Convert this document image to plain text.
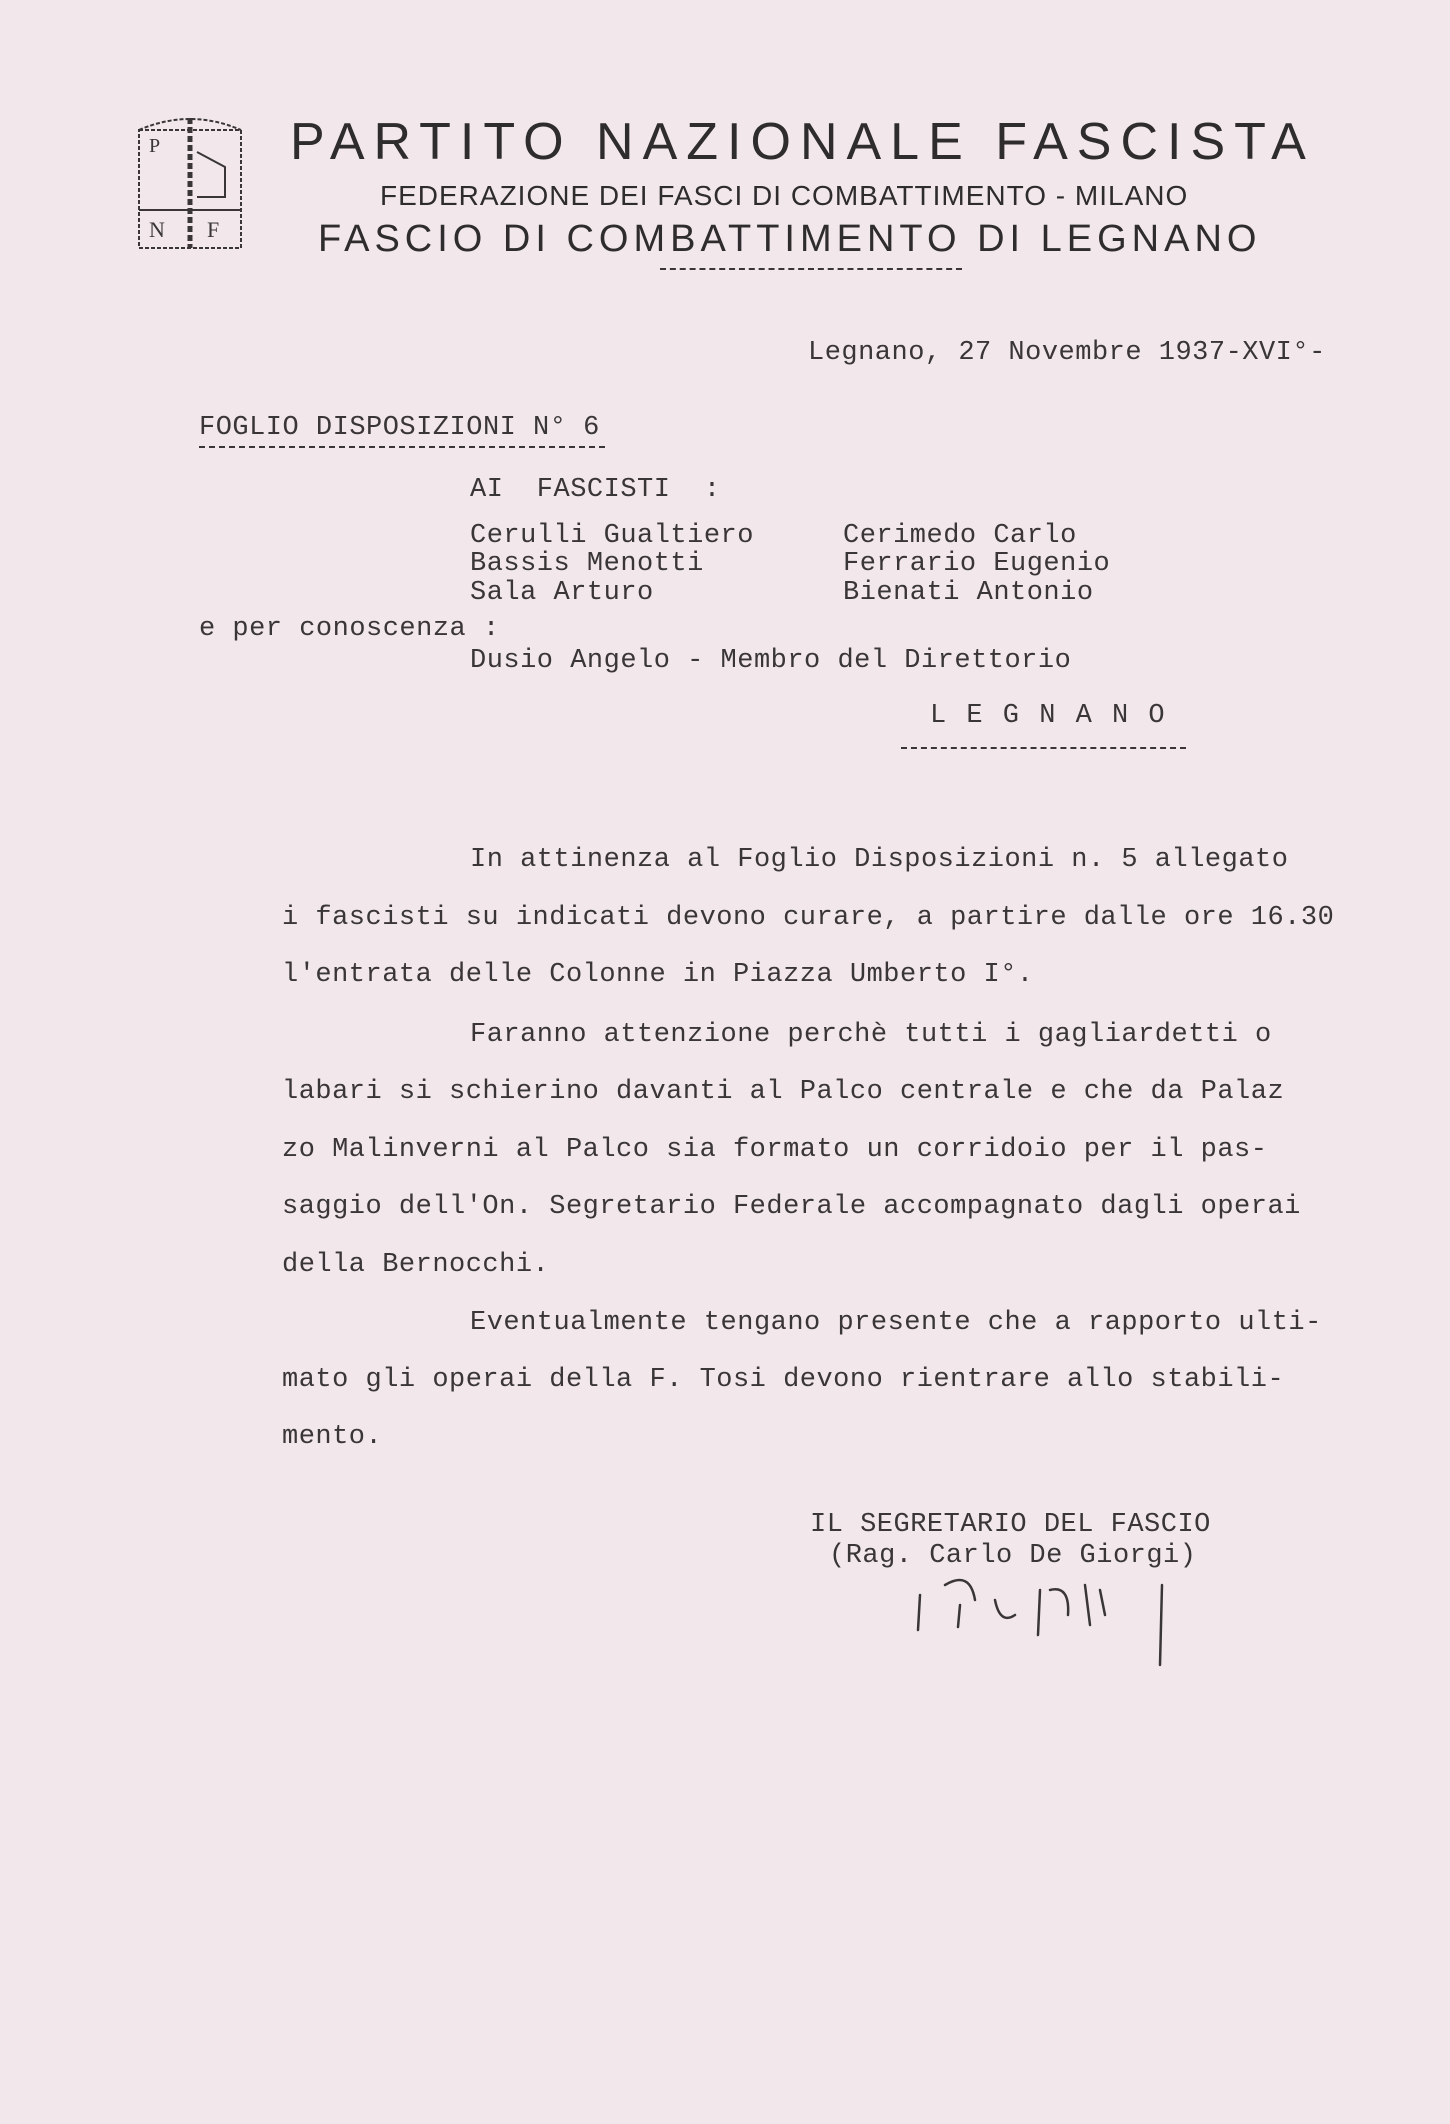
P
N F
PARTITO NAZIONALE FASCISTA
FEDERAZIONE DEI FASCI DI COMBATTIMENTO - MILANO
FASCIO DI COMBATTIMENTO DI LEGNANO
Legnano, 27 Novembre 1937-XVI°-
FOGLIO DISPOSIZIONI N° 6
AI  FASCISTI  :
Cerulli Gualtiero
Bassis Menotti
Sala Arturo
Cerimedo Carlo
Ferrario Eugenio
Bienati Antonio
e per conoscenza :
Dusio Angelo - Membro del Direttorio
L E G N A N O
In attinenza al Foglio Disposizioni n. 5 allegato
i fascisti su indicati devono curare, a partire dalle ore 16.30
l'entrata delle Colonne in Piazza Umberto I°.
Faranno attenzione perchè tutti i gagliardetti o
labari si schierino davanti al Palco centrale e che da Palaz
zo Malinverni al Palco sia formato un corridoio per il pas-
saggio dell'On. Segretario Federale accompagnato dagli operai
della Bernocchi.
Eventualmente tengano presente che a rapporto ulti-
mato gli operai della F. Tosi devono rientrare allo stabili-
mento.
IL SEGRETARIO DEL FASCIO
(Rag. Carlo De Giorgi)
